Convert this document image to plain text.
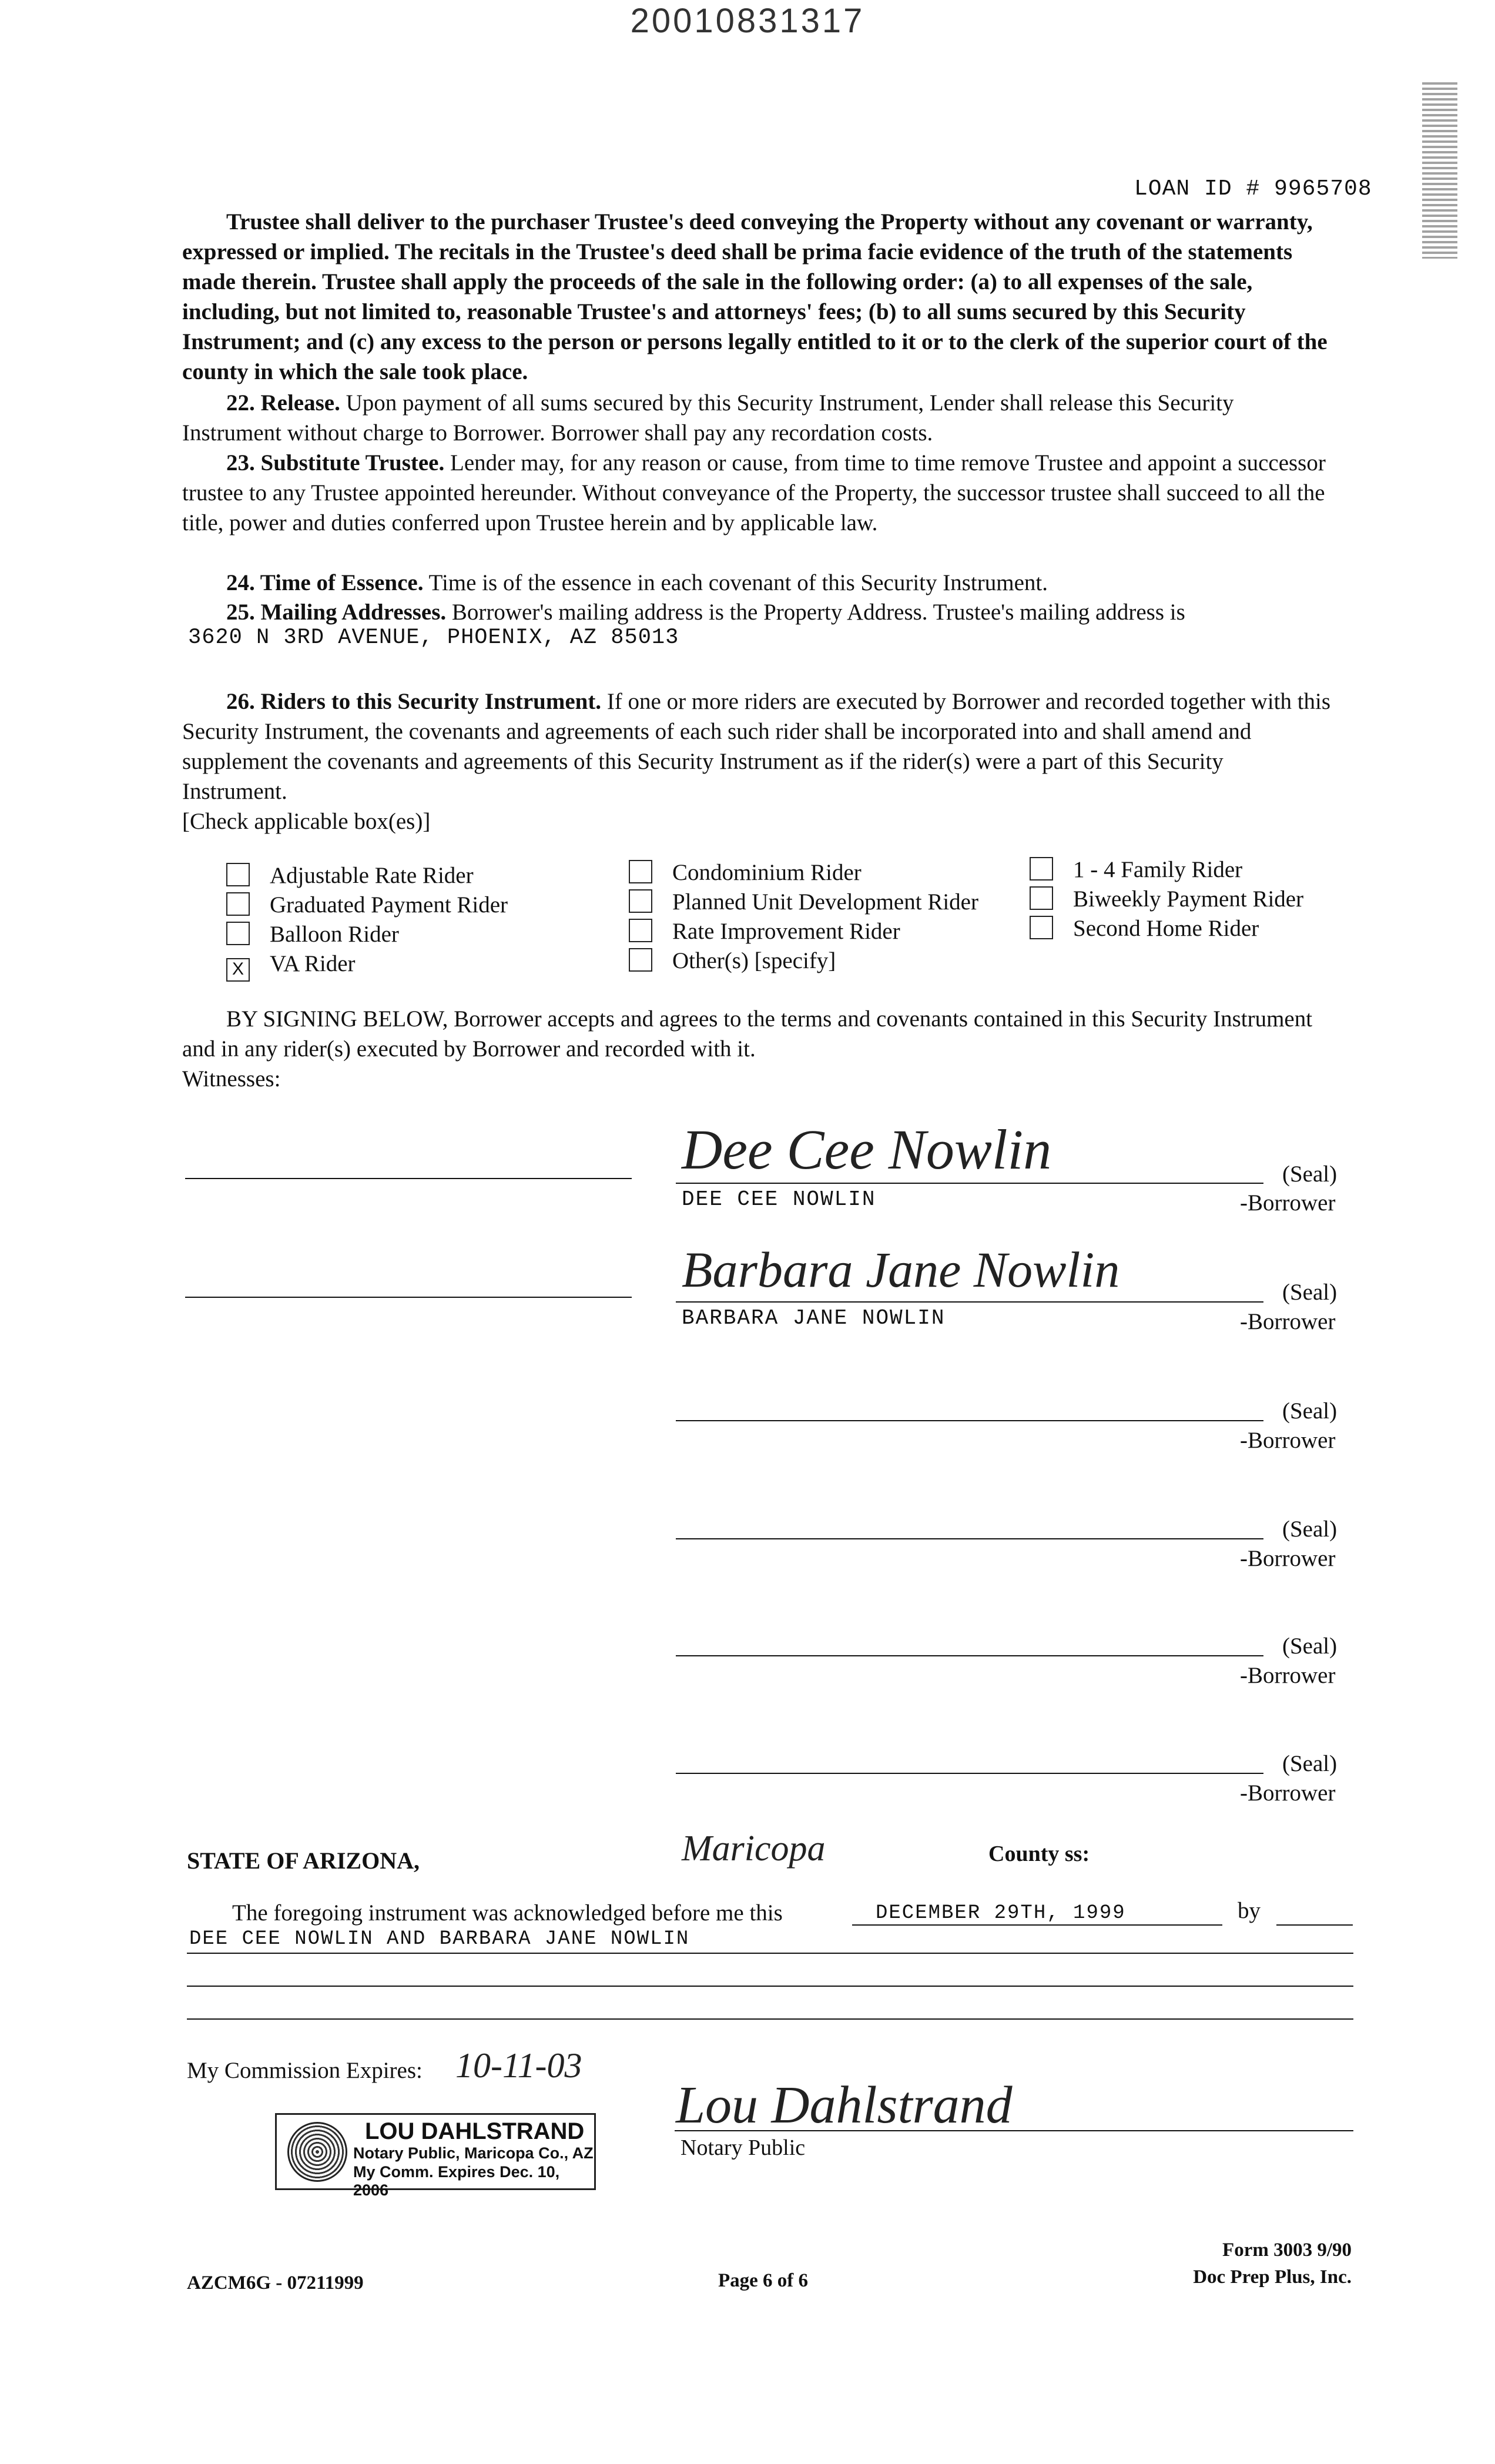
20010831317
LOAN ID # 9965708
Trustee shall deliver to the purchaser Trustee's deed conveying the Property without any covenant or warranty, expressed or implied. The recitals in the Trustee's deed shall be prima facie evidence of the truth of the statements made therein. Trustee shall apply the proceeds of the sale in the following order: (a) to all expenses of the sale, including, but not limited to, reasonable Trustee's and attorneys' fees; (b) to all sums secured by this Security Instrument; and (c) any excess to the person or persons legally entitled to it or to the clerk of the superior court of the county in which the sale took place.
22. Release. Upon payment of all sums secured by this Security Instrument, Lender shall release this Security Instrument without charge to Borrower. Borrower shall pay any recordation costs.
23. Substitute Trustee. Lender may, for any reason or cause, from time to time remove Trustee and appoint a successor trustee to any Trustee appointed hereunder. Without conveyance of the Property, the successor trustee shall succeed to all the title, power and duties conferred upon Trustee herein and by applicable law.
24. Time of Essence. Time is of the essence in each covenant of this Security Instrument.
25. Mailing Addresses. Borrower's mailing address is the Property Address. Trustee's mailing address is
3620 N 3RD AVENUE, PHOENIX, AZ 85013
26. Riders to this Security Instrument. If one or more riders are executed by Borrower and recorded together with this Security Instrument, the covenants and agreements of each such rider shall be incorporated into and shall amend and supplement the covenants and agreements of this Security Instrument as if the rider(s) were a part of this Security Instrument.
[Check applicable box(es)]
Adjustable Rate Rider
Graduated Payment Rider
Balloon Rider
X VA Rider
Condominium Rider
Planned Unit Development Rider
Rate Improvement Rider
Other(s) [specify]
1 - 4 Family Rider
Biweekly Payment Rider
Second Home Rider
BY SIGNING BELOW, Borrower accepts and agrees to the terms and covenants contained in this Security Instrument and in any rider(s) executed by Borrower and recorded with it.
Witnesses:
Dee Cee Nowlin	(Seal)
DEE CEE NOWLIN	-Borrower
Barbara Jane Nowlin	(Seal)
BARBARA JANE NOWLIN	-Borrower
(Seal)
-Borrower
(Seal)
-Borrower
(Seal)
-Borrower
(Seal)
-Borrower
STATE OF ARIZONA,	Maricopa	County ss:
The foregoing instrument was acknowledged before me this	DECEMBER 29TH, 1999	by
DEE CEE NOWLIN AND BARBARA JANE NOWLIN
My Commission Expires: 10-11-03
Lou Dahlstrand
Notary Public
LOU DAHLSTRAND
Notary Public, Maricopa Co., AZ
My Comm. Expires Dec. 10, 2006
AZCM6G - 07211999	Page 6 of 6
Form 3003 9/90
Doc Prep Plus, Inc.
